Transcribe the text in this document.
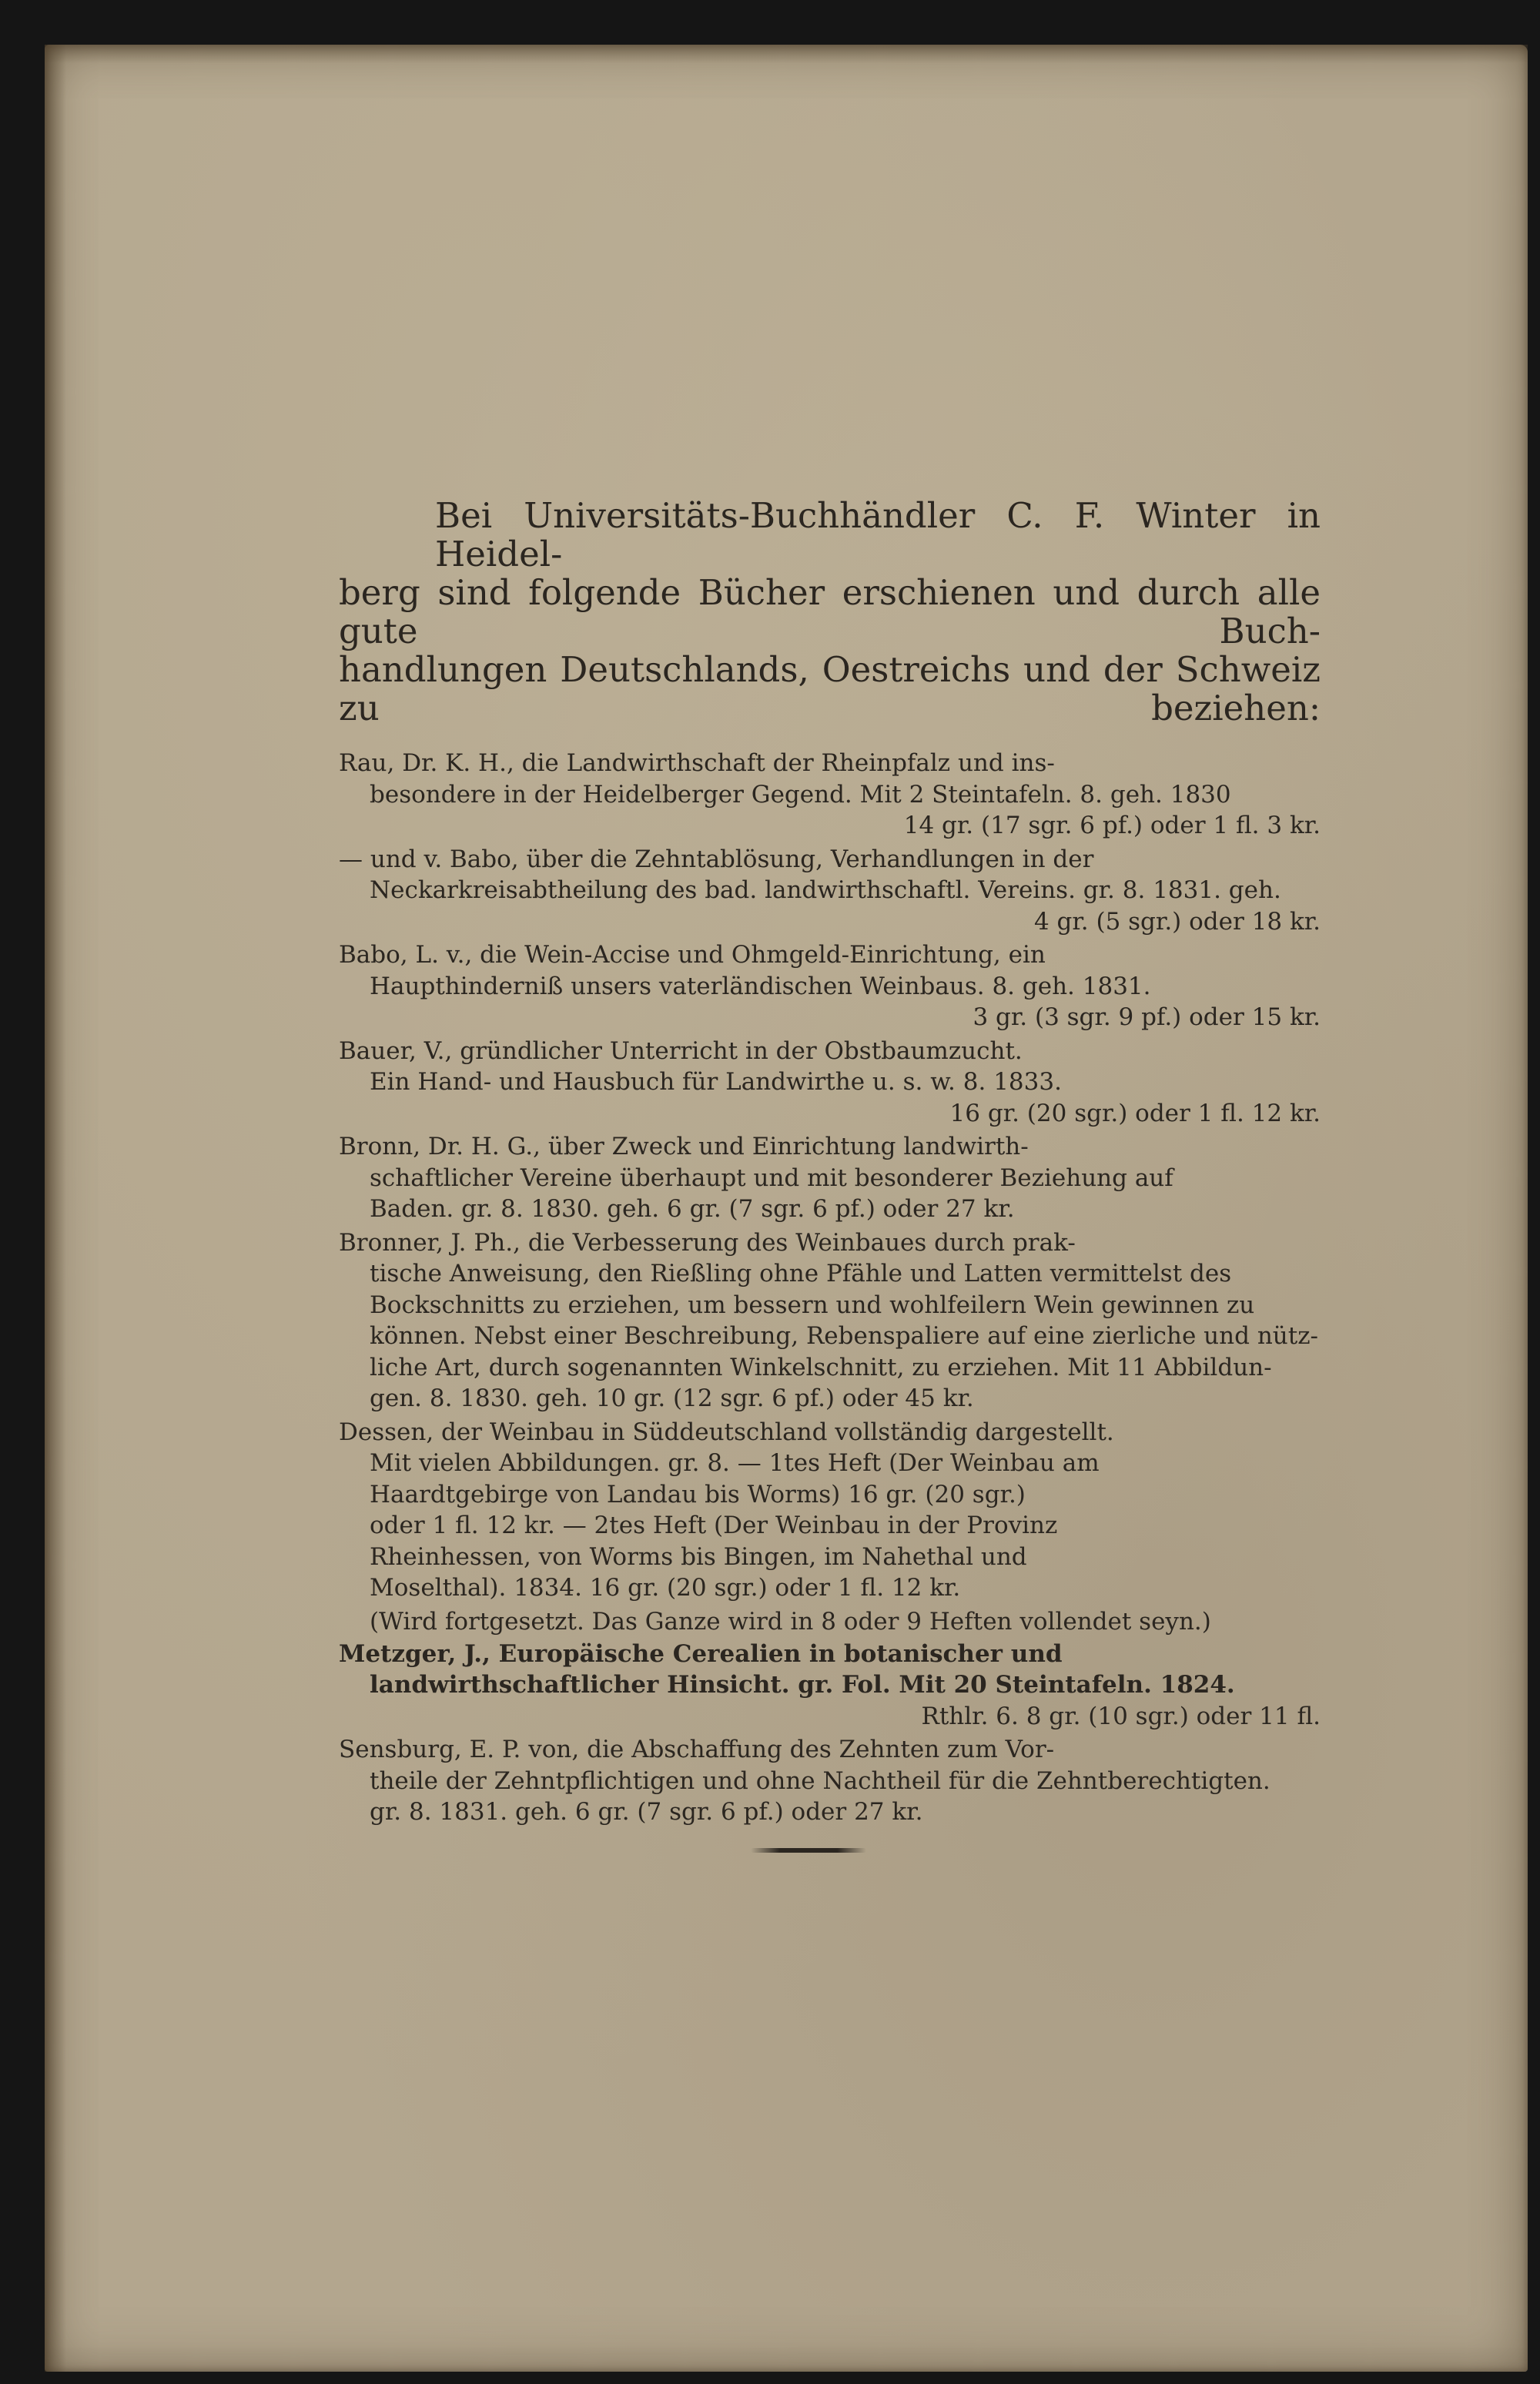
Bei Universitäts-Buchhändler C. F. Winter in Heidel-
berg sind folgende Bücher erschienen und durch alle gute Buch-
handlungen Deutschlands, Oestreichs und der Schweiz zu beziehen:
Rau, Dr. K. H., die Landwirthschaft der Rheinpfalz und ins-
besondere in der Heidelberger Gegend. Mit 2 Steintafeln. 8. geh. 1830
14 gr. (17 sgr. 6 pf.) oder 1 fl. 3 kr.
— und v. Babo, über die Zehntablösung, Verhandlungen in der
Neckarkreisabtheilung des bad. landwirthschaftl. Vereins. gr. 8. 1831. geh.
4 gr. (5 sgr.) oder 18 kr.
Babo, L. v., die Wein-Accise und Ohmgeld-Einrichtung, ein
Haupthinderniß unsers vaterländischen Weinbaus. 8. geh. 1831.
3 gr. (3 sgr. 9 pf.) oder 15 kr.
Bauer, V., gründlicher Unterricht in der Obstbaumzucht.
Ein Hand- und Hausbuch für Landwirthe u. s. w. 8. 1833.
16 gr. (20 sgr.) oder 1 fl. 12 kr.
Bronn, Dr. H. G., über Zweck und Einrichtung landwirth-
schaftlicher Vereine überhaupt und mit besonderer Beziehung auf
Baden. gr. 8. 1830. geh. 6 gr. (7 sgr. 6 pf.) oder 27 kr.
Bronner, J. Ph., die Verbesserung des Weinbaues durch prak-
tische Anweisung, den Rießling ohne Pfähle und Latten vermittelst des
Bockschnitts zu erziehen, um bessern und wohlfeilern Wein gewinnen zu
können. Nebst einer Beschreibung, Rebenspaliere auf eine zierliche und nütz-
liche Art, durch sogenannten Winkelschnitt, zu erziehen. Mit 11 Abbildun-
gen. 8. 1830. geh. 10 gr. (12 sgr. 6 pf.) oder 45 kr.
Dessen, der Weinbau in Süddeutschland vollständig dargestellt.
Mit vielen Abbildungen. gr. 8. — 1tes Heft (Der Weinbau am
Haardtgebirge von Landau bis Worms) 16 gr. (20 sgr.)
oder 1 fl. 12 kr. — 2tes Heft (Der Weinbau in der Provinz
Rheinhessen, von Worms bis Bingen, im Nahethal und
Moselthal). 1834. 16 gr. (20 sgr.) oder 1 fl. 12 kr.
(Wird fortgesetzt. Das Ganze wird in 8 oder 9 Heften vollendet seyn.)
Metzger, J., Europäische Cerealien in botanischer und
landwirthschaftlicher Hinsicht. gr. Fol. Mit 20 Steintafeln. 1824.
Rthlr. 6. 8 gr. (10 sgr.) oder 11 fl.
Sensburg, E. P. von, die Abschaffung des Zehnten zum Vor-
theile der Zehntpflichtigen und ohne Nachtheil für die Zehntberechtigten.
gr. 8. 1831. geh. 6 gr. (7 sgr. 6 pf.) oder 27 kr.
